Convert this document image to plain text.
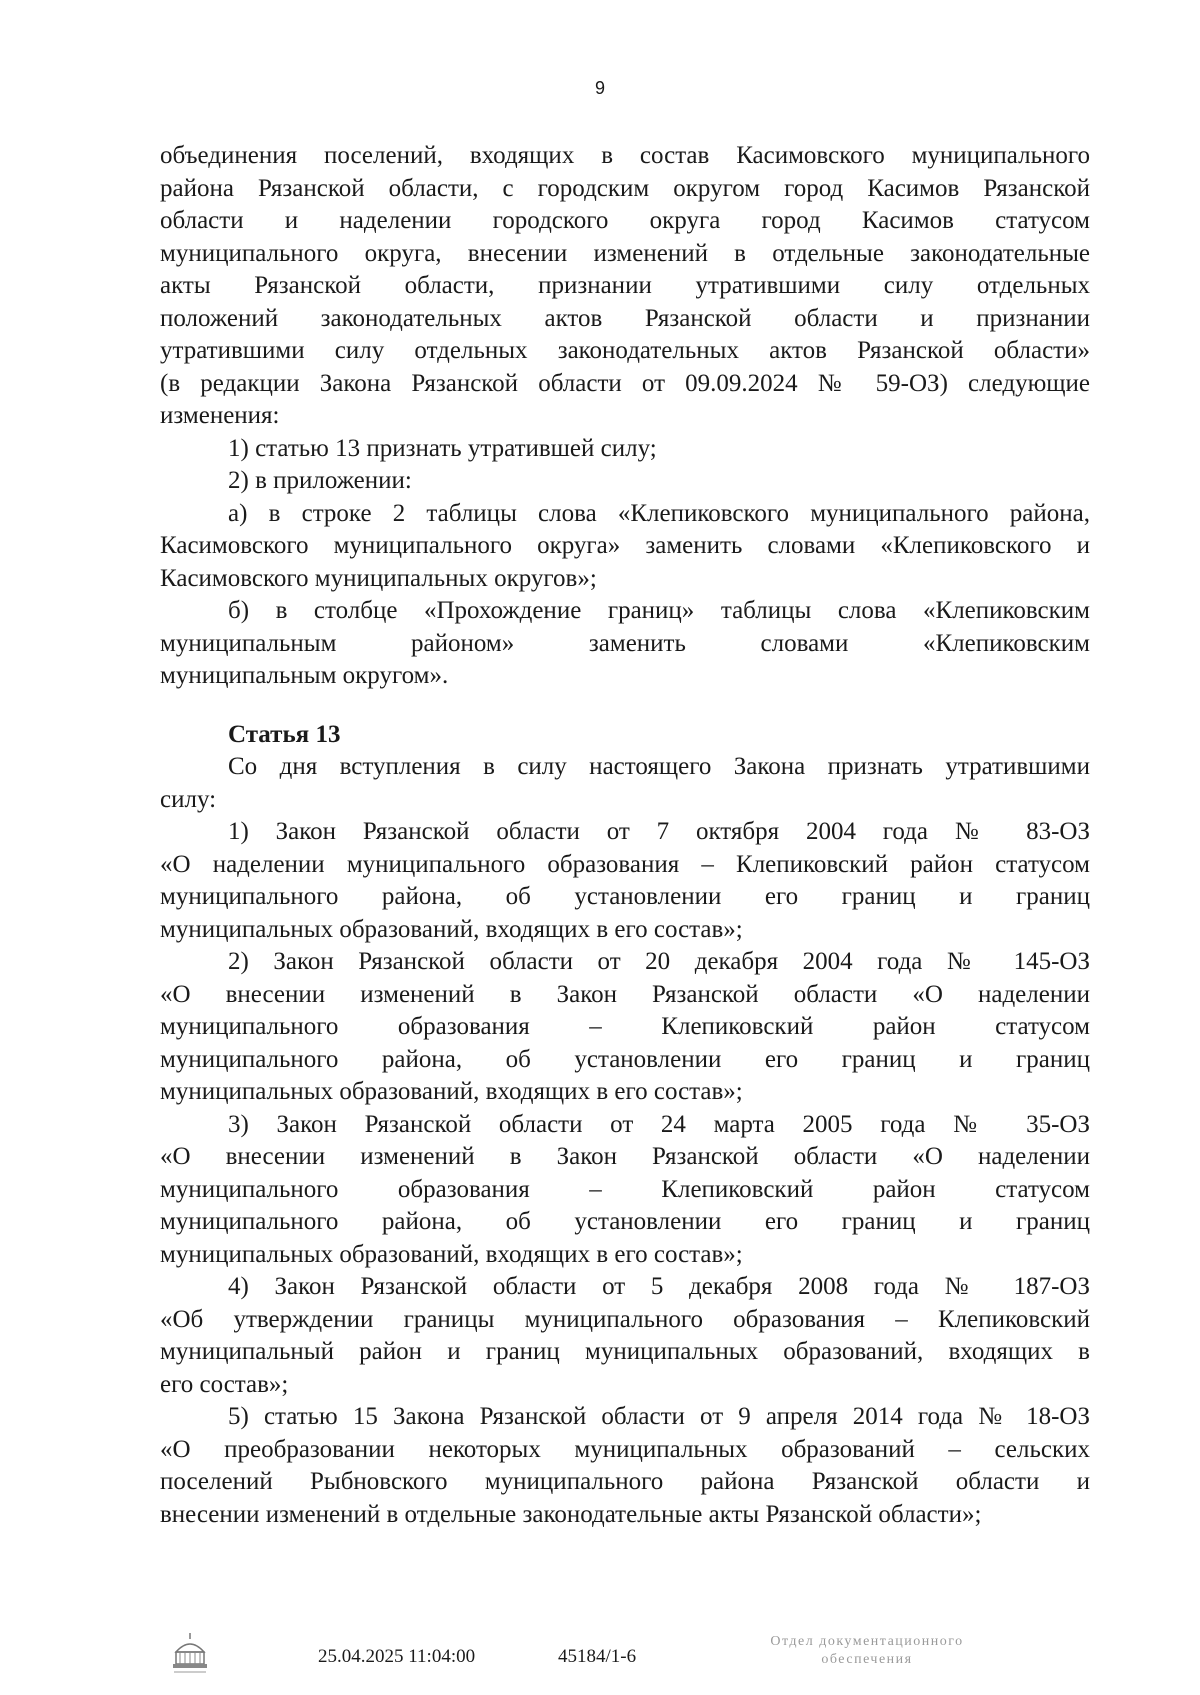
9

объединения поселений, входящих в состав Касимовского муниципального

района Рязанской области, с городским округом город Касимов Рязанской

области и наделении городского округа город Касимов статусом

муниципального округа, внесении изменений в отдельные законодательные

акты Рязанской области, признании утратившими силу отдельных

положений законодательных актов Рязанской области и признании

утратившими силу отдельных законодательных актов Рязанской области»

(в редакции Закона Рязанской области от 09.09.2024 № 59-ОЗ) следующие

изменения:

1) статью 13 признать утратившей силу;

2) в приложении:

а) в строке 2 таблицы слова «Клепиковского муниципального района,

Касимовского муниципального округа» заменить словами «Клепиковского и

Касимовского муниципальных округов»;

б) в столбце «Прохождение границ» таблицы слова «Клепиковским

муниципальным районом» заменить словами «Клепиковским

муниципальным округом».

Статья 13

Со дня вступления в силу настоящего Закона признать утратившими

силу:

1) Закон Рязанской области от 7 октября 2004 года № 83-ОЗ

«О наделении муниципального образования – Клепиковский район статусом

муниципального района, об установлении его границ и границ

муниципальных образований, входящих в его состав»;

2) Закон Рязанской области от 20 декабря 2004 года № 145-ОЗ

«О внесении изменений в Закон Рязанской области «О наделении

муниципального образования – Клепиковский район статусом

муниципального района, об установлении его границ и границ

муниципальных образований, входящих в его состав»;

3) Закон Рязанской области от 24 марта 2005 года № 35-ОЗ

«О внесении изменений в Закон Рязанской области «О наделении

муниципального образования – Клепиковский район статусом

муниципального района, об установлении его границ и границ

муниципальных образований, входящих в его состав»;

4) Закон Рязанской области от 5 декабря 2008 года № 187-ОЗ

«Об утверждении границы муниципального образования – Клепиковский

муниципальный район и границ муниципальных образований, входящих в

его состав»;

5) статью 15 Закона Рязанской области от 9 апреля 2014 года № 18-ОЗ

«О преобразовании некоторых муниципальных образований – сельских

поселений Рыбновского муниципального района Рязанской области и

внесении изменений в отдельные законодательные акты Рязанской области»;

25.04.2025 11:04:00	45184/1-6
Отдел документационного
обеспечения
